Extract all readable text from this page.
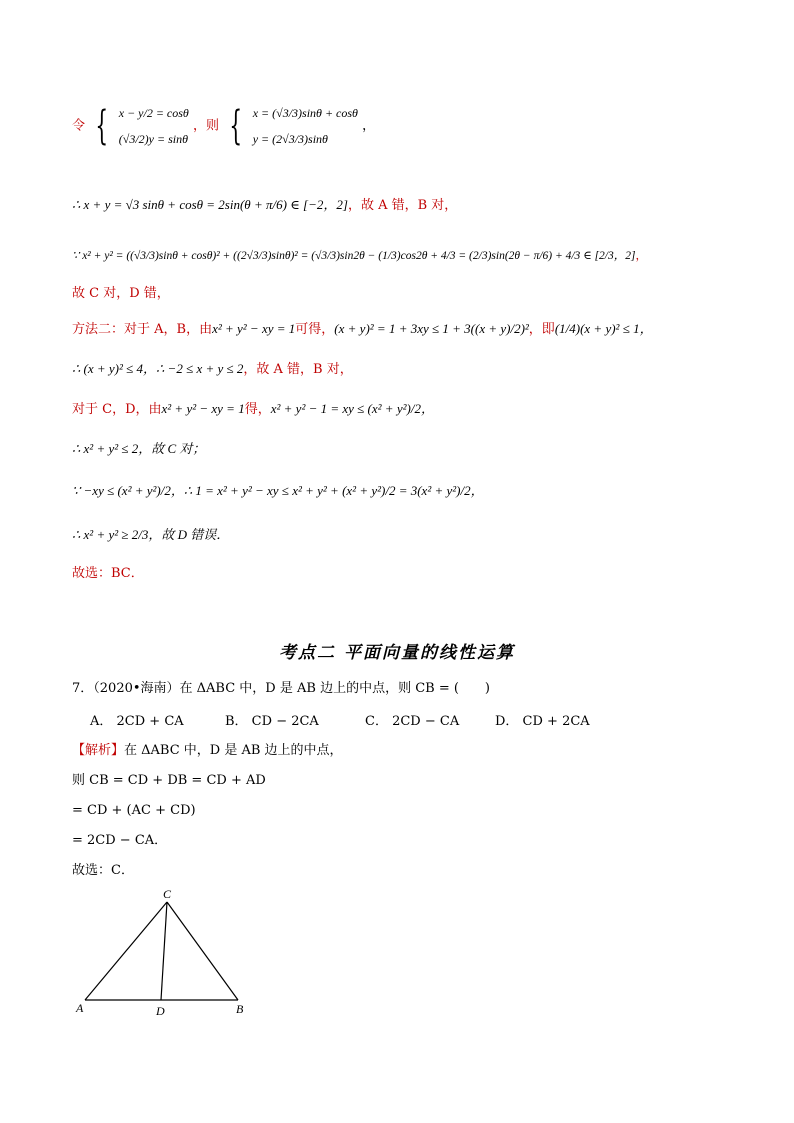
令 { x − y/2 = cosθ
(√3/2)y = sinθ
，则 { x = (√3/3)sinθ + cosθ
y = (2√3/3)sinθ
，
∴ x + y = √3 sinθ + cosθ = 2sin(θ + π/6) ∈ [−2，2]，故 A 错，B 对，
∵ x² + y² = ((√3/3)sinθ + cosθ)² + ((2√3/3)sinθ)² = (√3/3)sin2θ − (1/3)cos2θ + 4/3 = (2/3)sin(2θ − π/6) + 4/3 ∈ [2/3，2]，
故 C 对，D 错，
方法二：对于 A，B，由x² + y² − xy = 1可得，(x + y)² = 1 + 3xy ≤ 1 + 3((x + y)/2)²，即(1/4)(x + y)² ≤ 1，
∴ (x + y)² ≤ 4，∴ −2 ≤ x + y ≤ 2，故 A 错，B 对，
对于 C，D，由x² + y² − xy = 1得，x² + y² − 1 = xy ≤ (x² + y²)/2，
∴ x² + y² ≤ 2，故 C 对；
∵ −xy ≤ (x² + y²)/2，∴ 1 = x² + y² − xy ≤ x² + y² + (x² + y²)/2 = 3(x² + y²)/2，
∴ x² + y² ≥ 2/3，故 D 错误．
故选：BC．
考点二 平面向量的线性运算
7．（2020•海南）在 ΔABC 中，D 是 AB 边上的中点，则 CB = (　　)
A． 2CD + CA	B． CD − 2CA	C． 2CD − CA	D． CD + 2CA
【解析】在 ΔABC 中，D 是 AB 边上的中点，
则 CB = CD + DB = CD + AD
= CD + (AC + CD)
= 2CD − CA．
故选：C．
C
A	D	B
